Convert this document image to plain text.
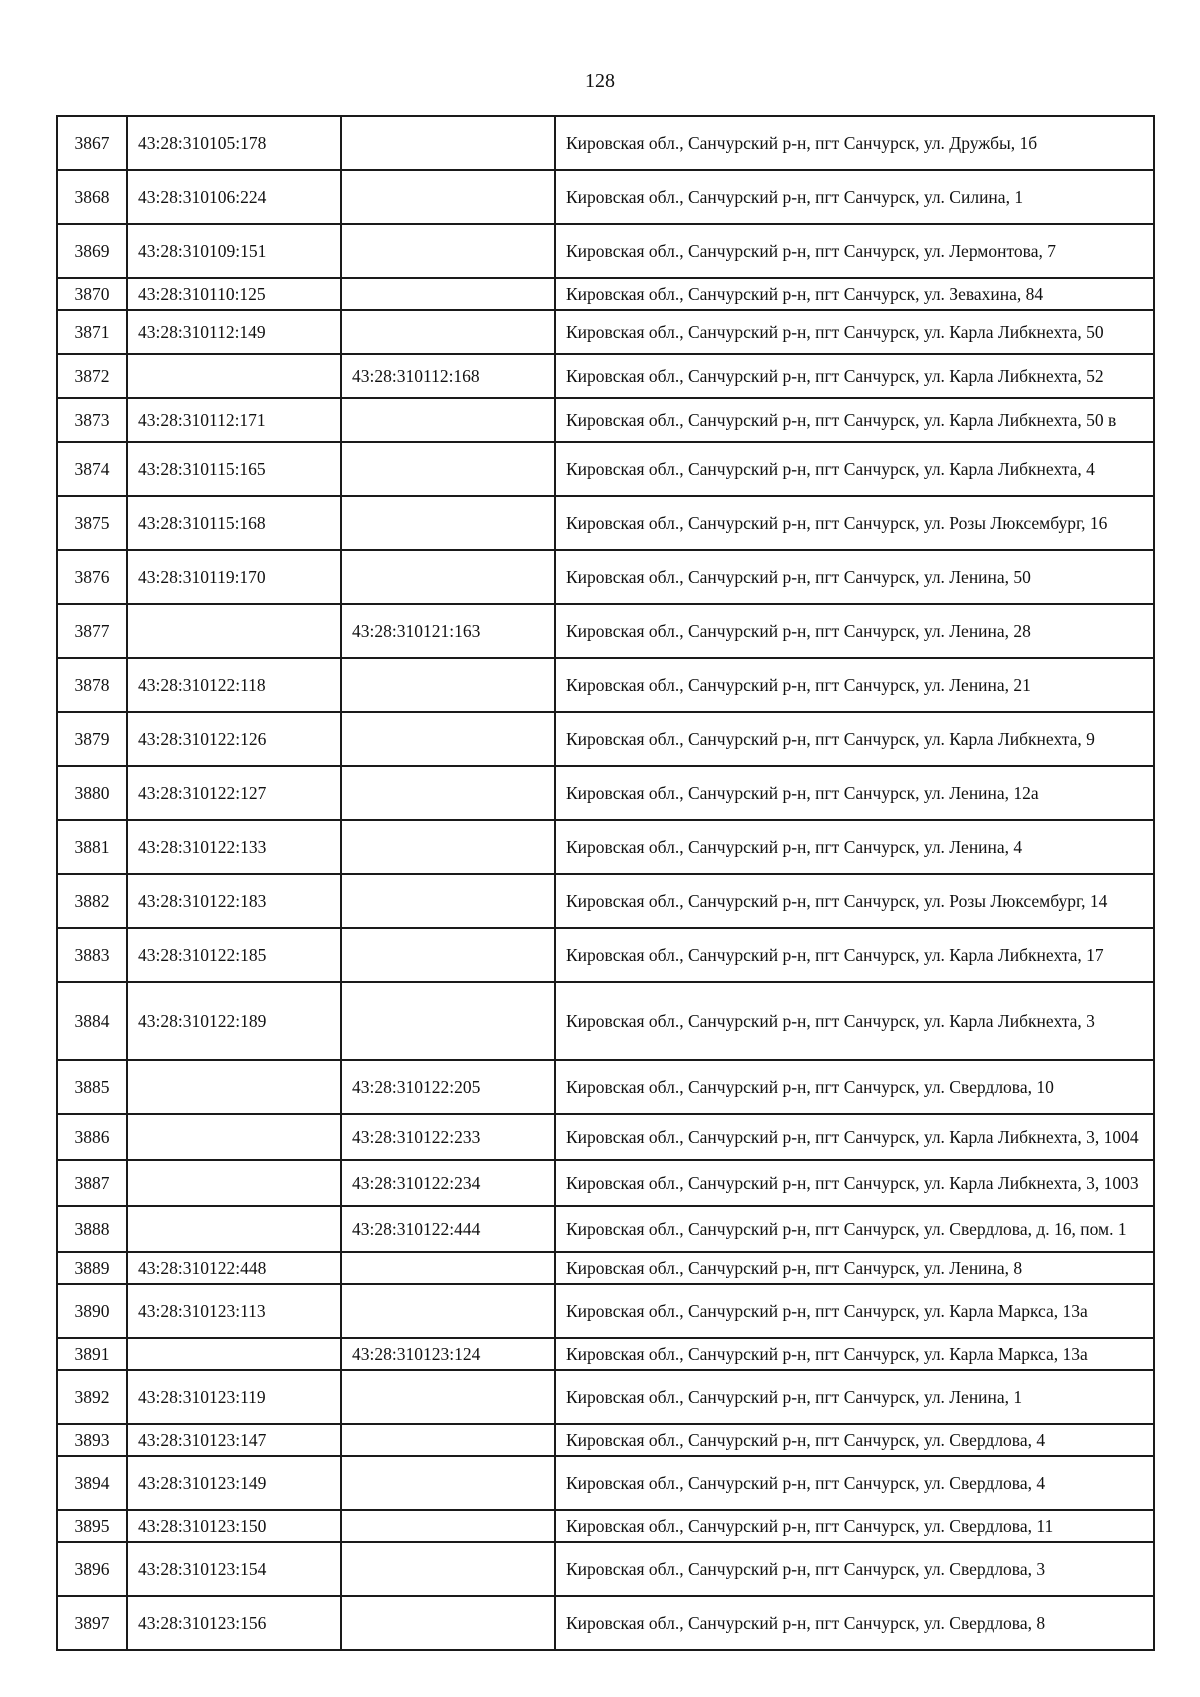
128
3867	43:28:310105:178		Кировская обл., Санчурский р-н, пгт Санчурск, ул. Дружбы, 1б
3868	43:28:310106:224		Кировская обл., Санчурский р-н, пгт Санчурск, ул. Силина, 1
3869	43:28:310109:151		Кировская обл., Санчурский р-н, пгт Санчурск, ул. Лермонтова, 7
3870	43:28:310110:125		Кировская обл., Санчурский р-н, пгт Санчурск, ул. Зевахина, 84
3871	43:28:310112:149		Кировская обл., Санчурский р-н, пгт Санчурск, ул. Карла Либкнехта, 50
3872		43:28:310112:168	Кировская обл., Санчурский р-н, пгт Санчурск, ул. Карла Либкнехта, 52
3873	43:28:310112:171		Кировская обл., Санчурский р-н, пгт Санчурск, ул. Карла Либкнехта, 50 в
3874	43:28:310115:165		Кировская обл., Санчурский р-н, пгт Санчурск, ул. Карла Либкнехта, 4
3875	43:28:310115:168		Кировская обл., Санчурский р-н, пгт Санчурск, ул. Розы Люксембург, 16
3876	43:28:310119:170		Кировская обл., Санчурский р-н, пгт Санчурск, ул. Ленина, 50
3877		43:28:310121:163	Кировская обл., Санчурский р-н, пгт Санчурск, ул. Ленина, 28
3878	43:28:310122:118		Кировская обл., Санчурский р-н, пгт Санчурск, ул. Ленина, 21
3879	43:28:310122:126		Кировская обл., Санчурский р-н, пгт Санчурск, ул. Карла Либкнехта, 9
3880	43:28:310122:127		Кировская обл., Санчурский р-н, пгт Санчурск, ул. Ленина, 12а
3881	43:28:310122:133		Кировская обл., Санчурский р-н, пгт Санчурск, ул. Ленина, 4
3882	43:28:310122:183		Кировская обл., Санчурский р-н, пгт Санчурск, ул. Розы Люксембург, 14
3883	43:28:310122:185		Кировская обл., Санчурский р-н, пгт Санчурск, ул. Карла Либкнехта, 17
3884	43:28:310122:189		Кировская обл., Санчурский р-н, пгт Санчурск, ул. Карла Либкнехта, 3
3885		43:28:310122:205	Кировская обл., Санчурский р-н, пгт Санчурск, ул. Свердлова, 10
3886		43:28:310122:233	Кировская обл., Санчурский р-н, пгт Санчурск, ул. Карла Либкнехта, 3, 1004
3887		43:28:310122:234	Кировская обл., Санчурский р-н, пгт Санчурск, ул. Карла Либкнехта, 3, 1003
3888		43:28:310122:444	Кировская обл., Санчурский р-н, пгт Санчурск, ул. Свердлова, д. 16, пом. 1
3889	43:28:310122:448		Кировская обл., Санчурский р-н, пгт Санчурск, ул. Ленина, 8
3890	43:28:310123:113		Кировская обл., Санчурский р-н, пгт Санчурск, ул. Карла Маркса, 13а
3891		43:28:310123:124	Кировская обл., Санчурский р-н, пгт Санчурск, ул. Карла Маркса, 13а
3892	43:28:310123:119		Кировская обл., Санчурский р-н, пгт Санчурск, ул. Ленина, 1
3893	43:28:310123:147		Кировская обл., Санчурский р-н, пгт Санчурск, ул. Свердлова, 4
3894	43:28:310123:149		Кировская обл., Санчурский р-н, пгт Санчурск, ул. Свердлова, 4
3895	43:28:310123:150		Кировская обл., Санчурский р-н, пгт Санчурск, ул. Свердлова, 11
3896	43:28:310123:154		Кировская обл., Санчурский р-н, пгт Санчурск, ул. Свердлова, 3
3897	43:28:310123:156		Кировская обл., Санчурский р-н, пгт Санчурск, ул. Свердлова, 8
